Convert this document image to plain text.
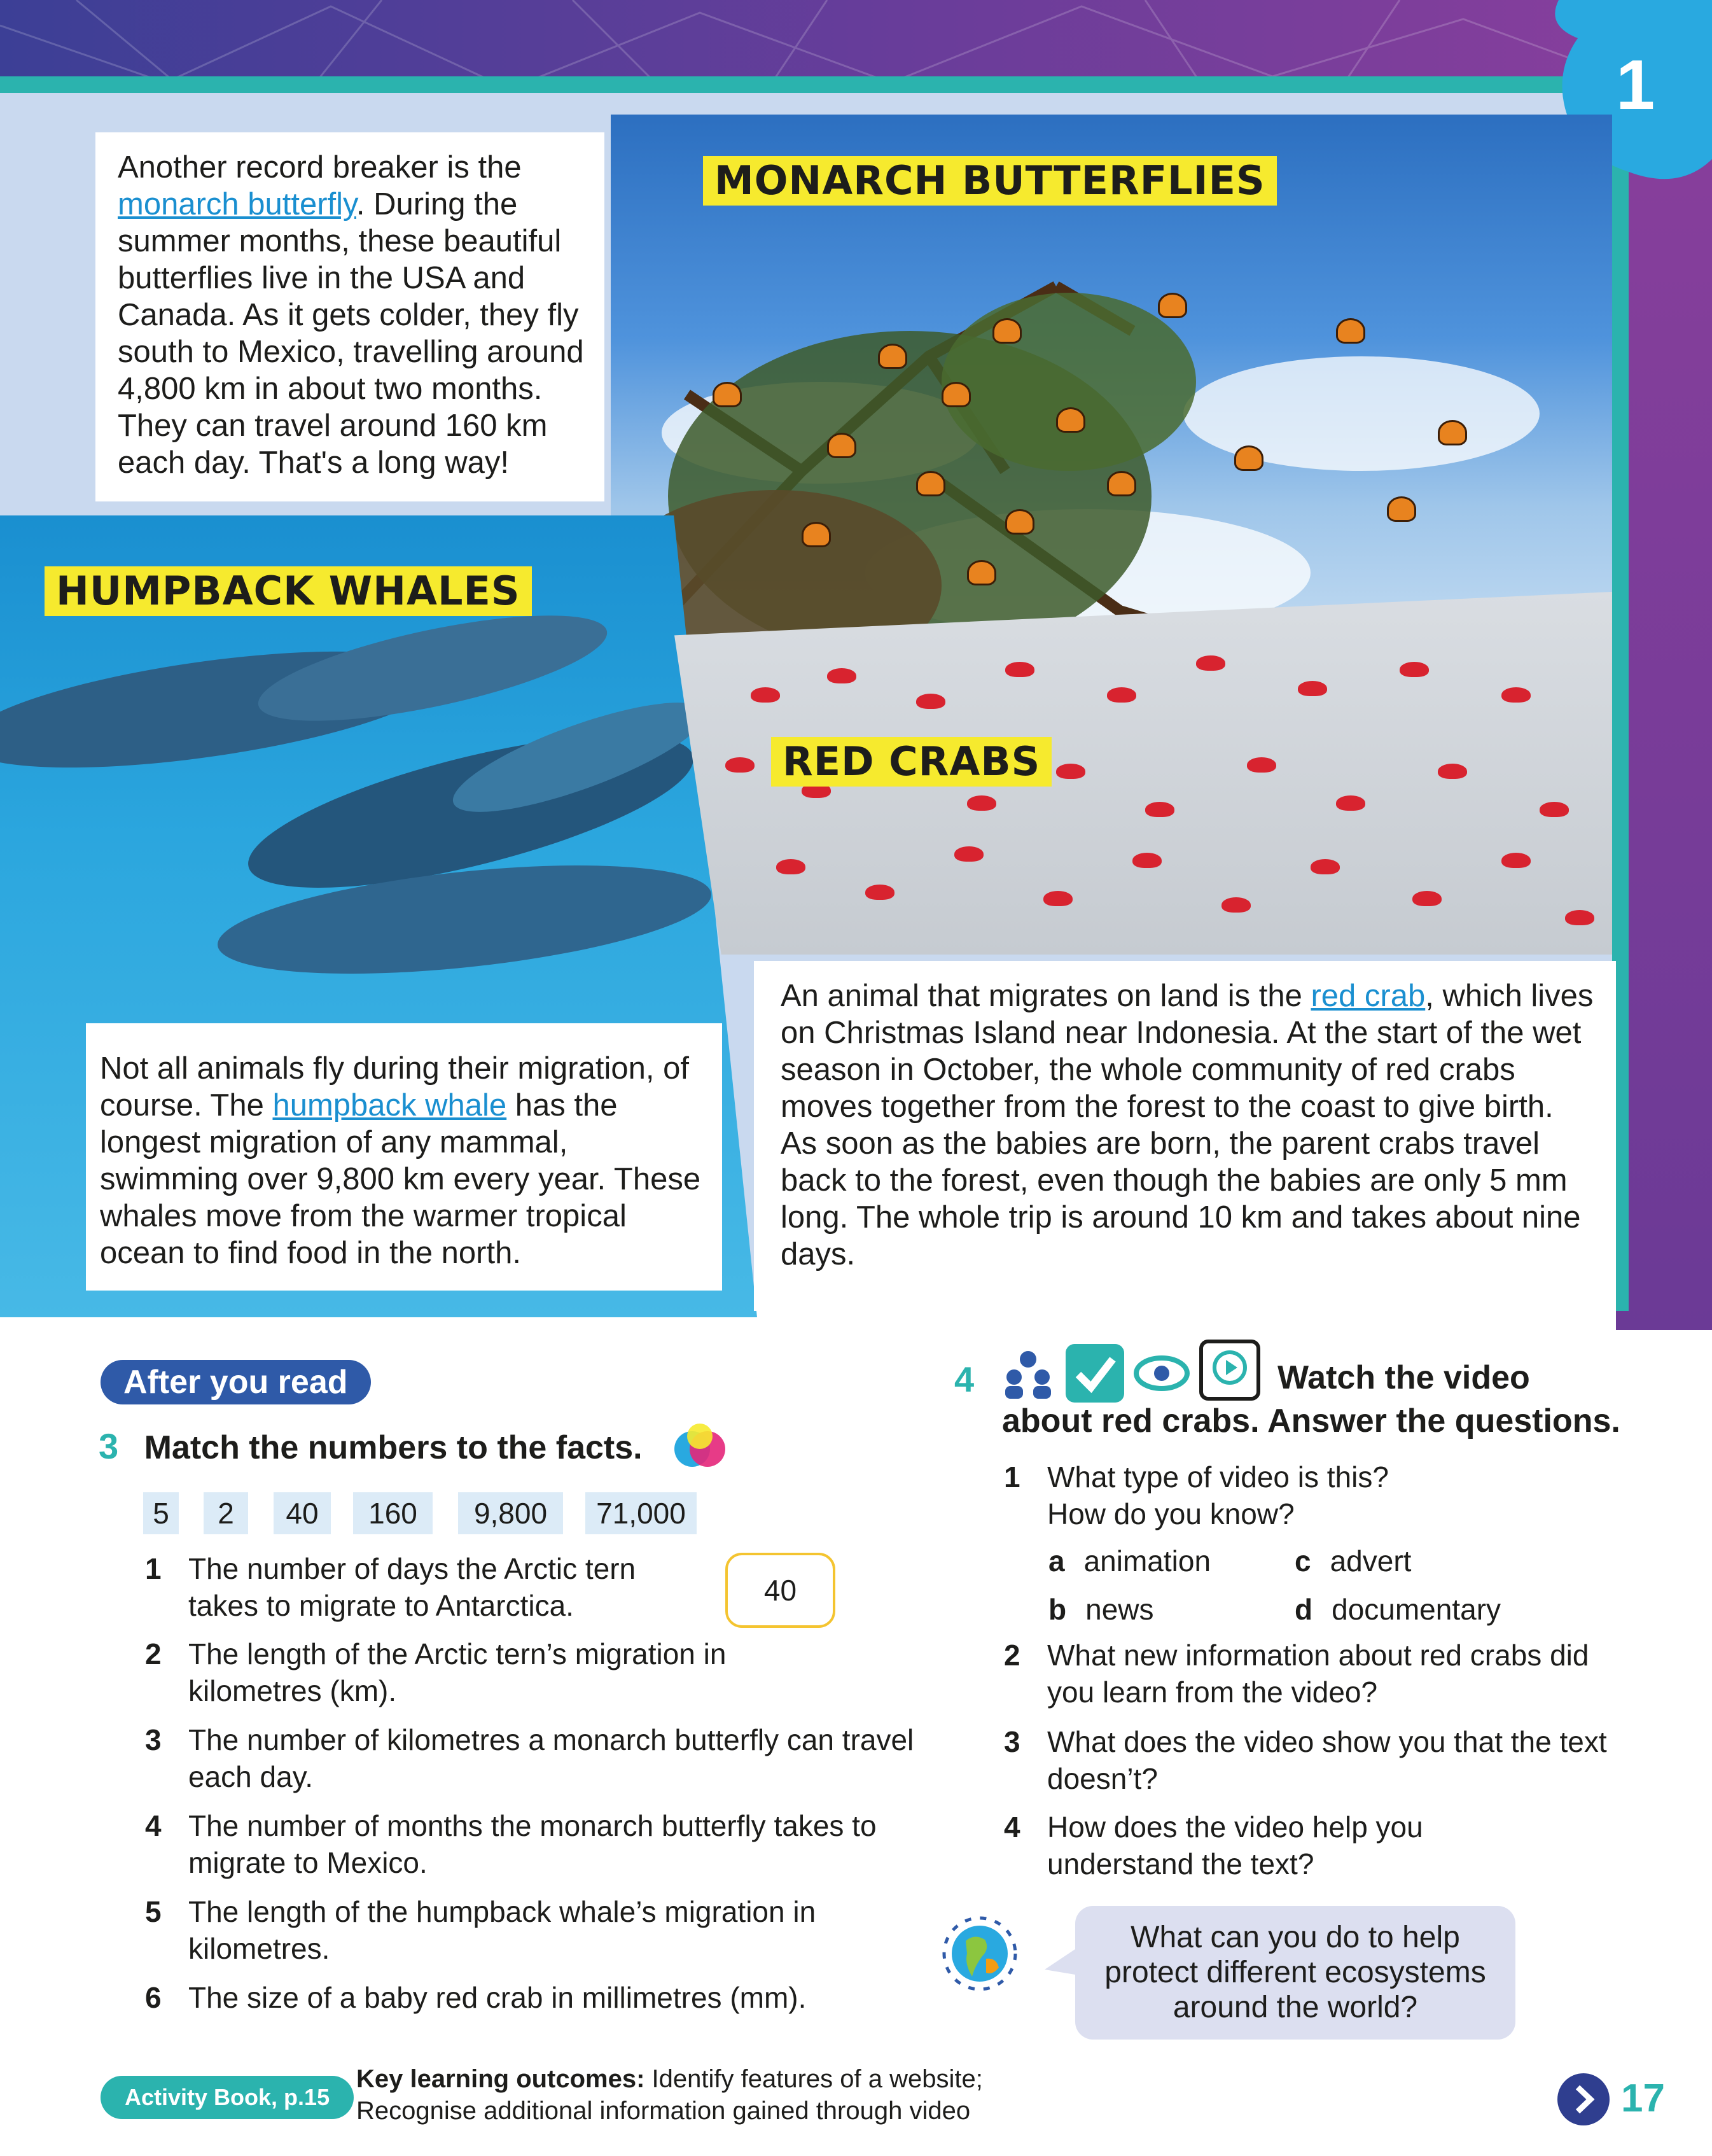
1
MONARCH BUTTERFLIES
Another record breaker is the monarch butterfly. During the summer months, these beautiful butterflies live in the USA and Canada. As it gets colder, they fly south to Mexico, travelling around 4,800 km in about two months. They can travel around 160 km each day. That's a long way!
HUMPBACK WHALES
RED CRABS
Not all animals fly during their migration, of course. The humpback whale has the longest migration of any mammal, swimming over 9,800 km every year. These whales move from the warmer tropical ocean to find food in the north.
An animal that migrates on land is the red crab, which lives on Christmas Island near Indonesia. At the start of the wet season in October, the whole community of red crabs moves together from the forest to the coast to give birth. As soon as the babies are born, the parent crabs travel back to the forest, even though the babies are only 5 mm long. The whole trip is around 10 km and takes about nine days.
After you read
3 Match the numbers to the facts.
5	2	40	160	9,800	71,000
1 The number of days the Arctic tern takes to migrate to Antarctica.	40
2 The length of the Arctic tern’s migration in kilometres (km).
3 The number of kilometres a monarch butterfly can travel each day.
4 The number of months the monarch butterfly takes to migrate to Mexico.
5 The length of the humpback whale’s migration in kilometres.
6 The size of a baby red crab in millimetres (mm).
4	Watch the video
about red crabs. Answer the questions.
1 What type of video is this? How do you know?
a animation	c advert
b news	d documentary
2 What new information about red crabs did you learn from the video?
3 What does the video show you that the text doesn’t?
4 How does the video help you understand the text?
What can you do to help protect different ecosystems around the world?
Activity Book, p.15
Key learning outcomes: Identify features of a website;
Recognise additional information gained through video	17
